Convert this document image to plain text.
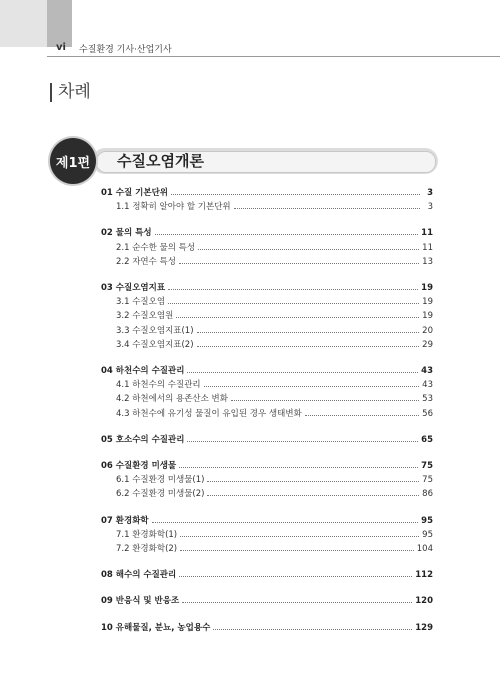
vi 수질환경 기사·산업기사
차례
제1편	수질오염개론
01 수질 기본단위	3
1.1 정확히 알아야 할 기본단위	3
02 물의 특성	11
2.1 순수한 물의 특성	11
2.2 자연수 특성	13
03 수질오염지표	19
3.1 수질오염	19
3.2 수질오염원	19
3.3 수질오염지표(1)	20
3.4 수질오염지표(2)	29
04 하천수의 수질관리	43
4.1 하천수의 수질관리	43
4.2 하천에서의 용존산소 변화	53
4.3 하천수에 유기성 물질이 유입된 경우 생태변화	56
05 호소수의 수질관리	65
06 수질환경 미생물	75
6.1 수질환경 미생물(1)	75
6.2 수질환경 미생물(2)	86
07 환경화학	95
7.1 환경화학(1)	95
7.2 환경화학(2)	104
08 해수의 수질관리	112
09 반응식 및 반응조	120
10 유해물질, 분뇨, 농업용수	129
